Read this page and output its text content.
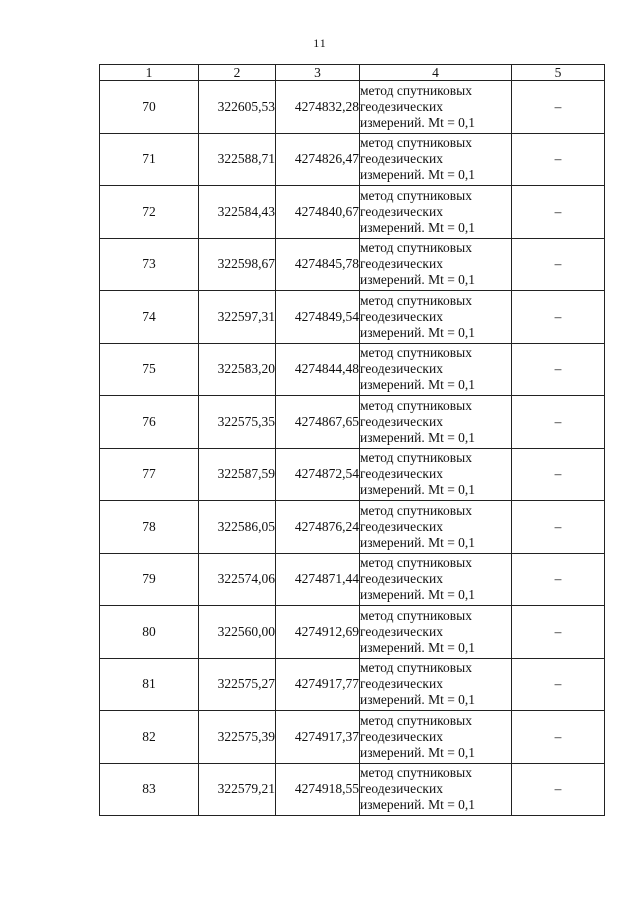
11
1	2	3	4	5
70	322605,53	4274832,28	метод спутниковых
геодезических
измерений. Mt = 0,1	–
71	322588,71	4274826,47	метод спутниковых
геодезических
измерений. Mt = 0,1	–
72	322584,43	4274840,67	метод спутниковых
геодезических
измерений. Mt = 0,1	–
73	322598,67	4274845,78	метод спутниковых
геодезических
измерений. Mt = 0,1	–
74	322597,31	4274849,54	метод спутниковых
геодезических
измерений. Mt = 0,1	–
75	322583,20	4274844,48	метод спутниковых
геодезических
измерений. Mt = 0,1	–
76	322575,35	4274867,65	метод спутниковых
геодезических
измерений. Mt = 0,1	–
77	322587,59	4274872,54	метод спутниковых
геодезических
измерений. Mt = 0,1	–
78	322586,05	4274876,24	метод спутниковых
геодезических
измерений. Mt = 0,1	–
79	322574,06	4274871,44	метод спутниковых
геодезических
измерений. Mt = 0,1	–
80	322560,00	4274912,69	метод спутниковых
геодезических
измерений. Mt = 0,1	–
81	322575,27	4274917,77	метод спутниковых
геодезических
измерений. Mt = 0,1	–
82	322575,39	4274917,37	метод спутниковых
геодезических
измерений. Mt = 0,1	–
83	322579,21	4274918,55	метод спутниковых
геодезических
измерений. Mt = 0,1	–
